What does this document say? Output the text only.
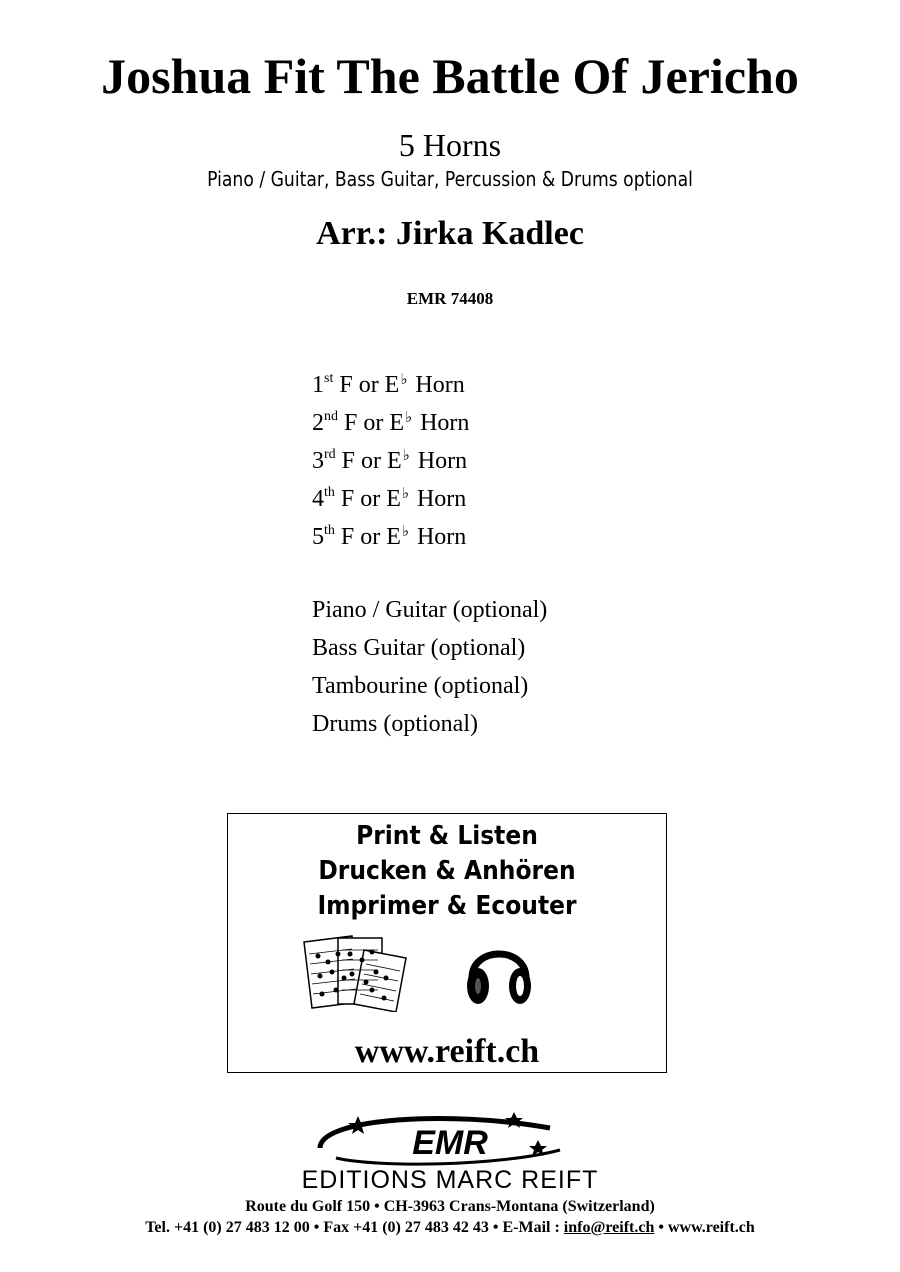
Joshua Fit The Battle Of Jericho
5 Horns
Piano / Guitar, Bass Guitar, Percussion & Drums optional
Arr.: Jirka Kadlec
EMR 74408
1st F or E♭ Horn
2nd F or E♭ Horn
3rd F or E♭ Horn
4th F or E♭ Horn
5th F or E♭ Horn
Piano / Guitar (optional)
Bass Guitar (optional)
Tambourine (optional)
Drums (optional)
Print & Listen
Drucken & Anhören
Imprimer & Ecouter
www.reift.ch
EMR
EDITIONS MARC REIFT
Route du Golf 150 • CH-3963 Crans-Montana (Switzerland)
Tel. +41 (0) 27 483 12 00 • Fax +41 (0) 27 483 42 43 • E-Mail : info@reift.ch • www.reift.ch
